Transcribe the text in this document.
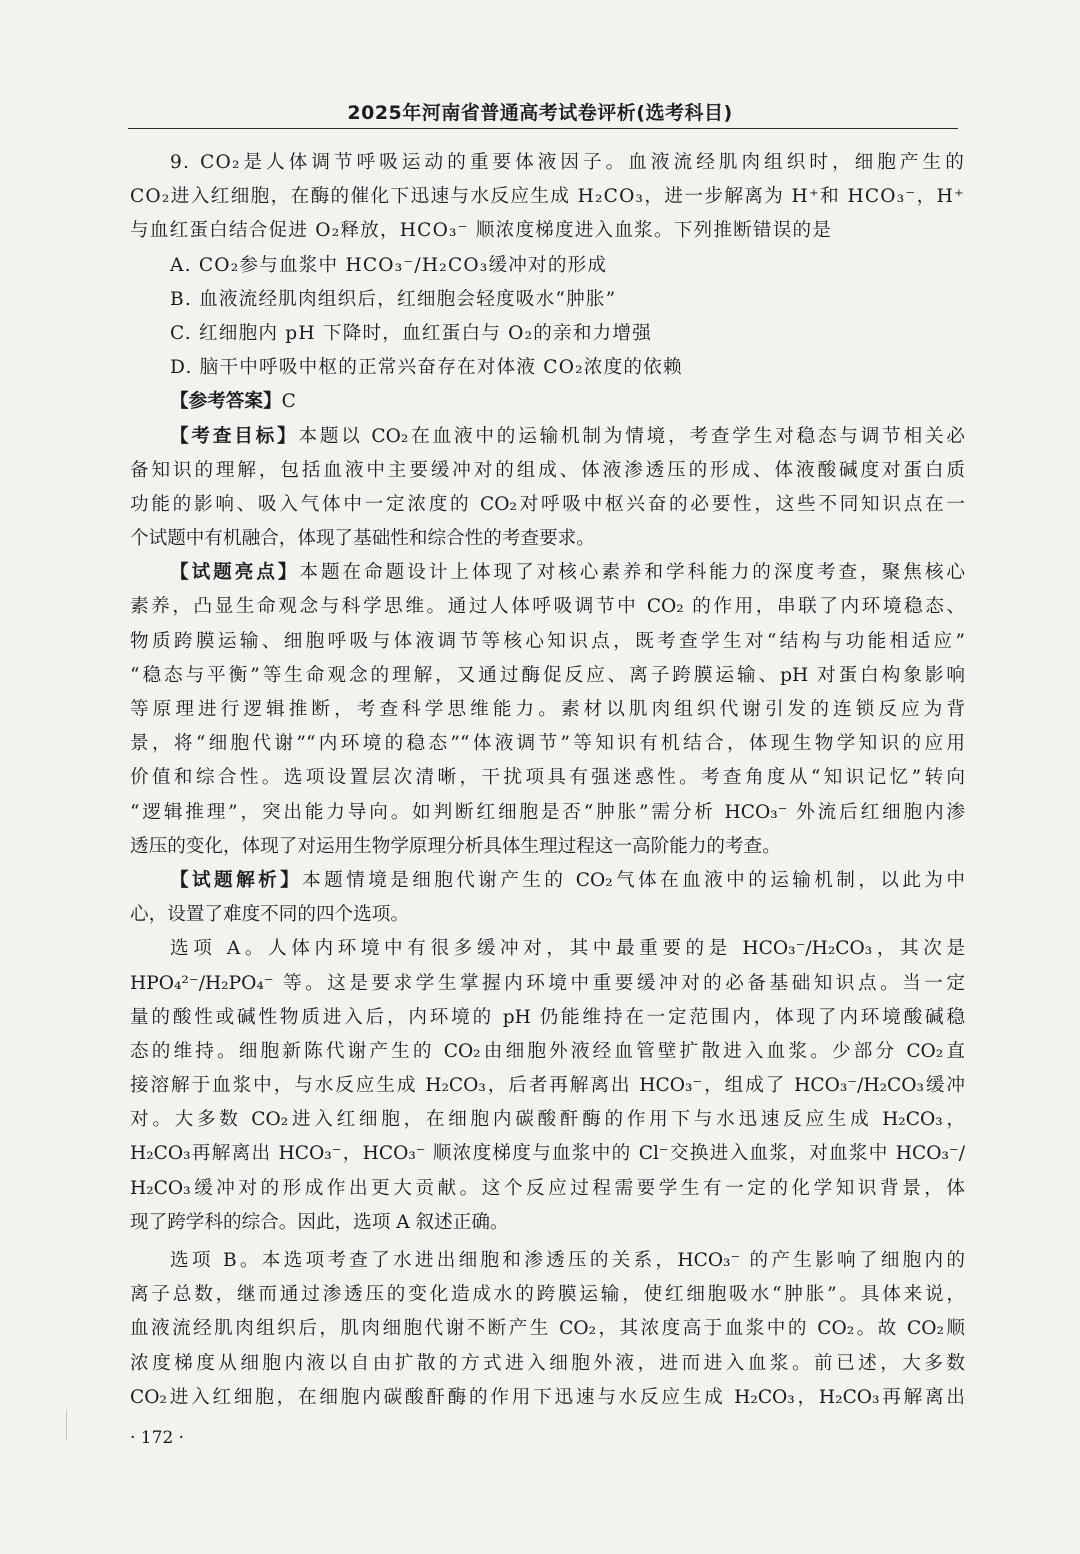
2025年河南省普通高考试卷评析(选考科目)
9. CO₂是人体调节呼吸运动的重要体液因子。血液流经肌肉组织时，细胞产生的
CO₂进入红细胞，在酶的催化下迅速与水反应生成 H₂CO₃，进一步解离为 H⁺和 HCO₃⁻，H⁺
与血红蛋白结合促进 O₂释放，HCO₃⁻ 顺浓度梯度进入血浆。下列推断错误的是
A. CO₂参与血浆中 HCO₃⁻/H₂CO₃缓冲对的形成
B. 血液流经肌肉组织后，红细胞会轻度吸水“肿胀”
C. 红细胞内 pH 下降时，血红蛋白与 O₂的亲和力增强
D. 脑干中呼吸中枢的正常兴奋存在对体液 CO₂浓度的依赖
【参考答案】C
【考查目标】本题以 CO₂在血液中的运输机制为情境，考查学生对稳态与调节相关必
备知识的理解，包括血液中主要缓冲对的组成、体液渗透压的形成、体液酸碱度对蛋白质
功能的影响、吸入气体中一定浓度的 CO₂对呼吸中枢兴奋的必要性，这些不同知识点在一
个试题中有机融合，体现了基础性和综合性的考查要求。
【试题亮点】本题在命题设计上体现了对核心素养和学科能力的深度考查，聚焦核心
素养，凸显生命观念与科学思维。通过人体呼吸调节中 CO₂ 的作用，串联了内环境稳态、
物质跨膜运输、细胞呼吸与体液调节等核心知识点，既考查学生对“结构与功能相适应”
“稳态与平衡”等生命观念的理解，又通过酶促反应、离子跨膜运输、pH 对蛋白构象影响
等原理进行逻辑推断，考查科学思维能力。素材以肌肉组织代谢引发的连锁反应为背
景，将“细胞代谢”“内环境的稳态”“体液调节”等知识有机结合，体现生物学知识的应用
价值和综合性。选项设置层次清晰，干扰项具有强迷惑性。考查角度从“知识记忆”转向
“逻辑推理”，突出能力导向。如判断红细胞是否“肿胀”需分析 HCO₃⁻ 外流后红细胞内渗
透压的变化，体现了对运用生物学原理分析具体生理过程这一高阶能力的考查。
【试题解析】本题情境是细胞代谢产生的 CO₂气体在血液中的运输机制，以此为中
心，设置了难度不同的四个选项。
选项 A。人体内环境中有很多缓冲对，其中最重要的是 HCO₃⁻/H₂CO₃，其次是
HPO₄²⁻/H₂PO₄⁻ 等。这是要求学生掌握内环境中重要缓冲对的必备基础知识点。当一定
量的酸性或碱性物质进入后，内环境的 pH 仍能维持在一定范围内，体现了内环境酸碱稳
态的维持。细胞新陈代谢产生的 CO₂由细胞外液经血管壁扩散进入血浆。少部分 CO₂直
接溶解于血浆中，与水反应生成 H₂CO₃，后者再解离出 HCO₃⁻，组成了 HCO₃⁻/H₂CO₃缓冲
对。大多数 CO₂进入红细胞，在细胞内碳酸酐酶的作用下与水迅速反应生成 H₂CO₃，
H₂CO₃再解离出 HCO₃⁻，HCO₃⁻ 顺浓度梯度与血浆中的 Cl⁻交换进入血浆，对血浆中 HCO₃⁻/
H₂CO₃缓冲对的形成作出更大贡献。这个反应过程需要学生有一定的化学知识背景，体
现了跨学科的综合。因此，选项 A 叙述正确。
选项 B。本选项考查了水进出细胞和渗透压的关系，HCO₃⁻ 的产生影响了细胞内的
离子总数，继而通过渗透压的变化造成水的跨膜运输，使红细胞吸水“肿胀”。具体来说，
血液流经肌肉组织后，肌肉细胞代谢不断产生 CO₂，其浓度高于血浆中的 CO₂。故 CO₂顺
浓度梯度从细胞内液以自由扩散的方式进入细胞外液，进而进入血浆。前已述，大多数
CO₂进入红细胞，在细胞内碳酸酐酶的作用下迅速与水反应生成 H₂CO₃，H₂CO₃再解离出
· 172 ·
